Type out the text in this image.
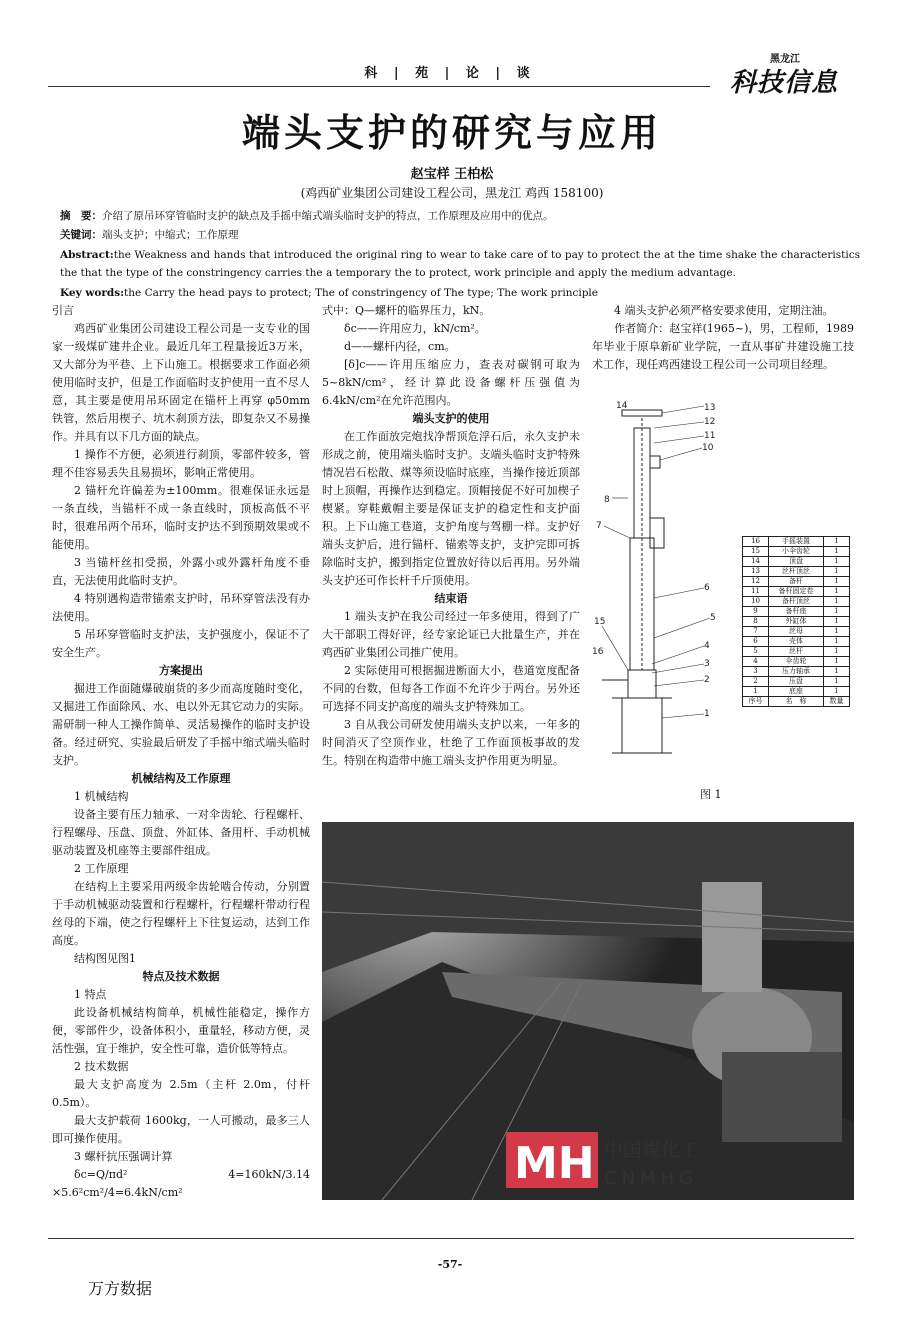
科 | 苑 | 论 | 谈
黑龙江
科技信息
端头支护的研究与应用
赵宝样 王柏松
(鸡西矿业集团公司建设工程公司，黑龙江 鸡西 158100)
摘　要：介绍了原吊环穿管临时支护的缺点及手摇中缩式端头临时支护的特点，工作原理及应用中的优点。
关键词：端头支护；中缩式；工作原理
Abstract:the Weakness and hands that introduced the original ring to wear to take care of to pay to protect the at the time shake the characteristics the that the type of the constringency carries the a temporary the to protect, work principle and apply the medium advantage.
Key words:the Carry the head pays to protect; The of constringency of The type; The work principle

引言

鸡西矿业集团公司建设工程公司是一支专业的国家一级煤矿建井企业。最近几年工程量接近3万米，又大部分为平巷、上下山施工。根据要求工作面必须使用临时支护，但是工作面临时支护使用一直不尽人意，其主要是使用吊环固定在锚杆上再穿 φ50mm 铁管，然后用楔子、坑木刹顶方法，即复杂又不易操作。并具有以下几方面的缺点。

1 操作不方便，必须进行刹顶，零部件较多，管理不佳容易丢失且易损坏，影响正常使用。

2 锚杆允许偏差为±100mm。很难保证永远是一条直线，当锚杆不成一条直线时，顶板高低不平时，很难吊两个吊环，临时支护达不到预期效果或不能使用。

3 当锚杆丝扣受损，外露小或外露杆角度不垂直，无法使用此临时支护。

4 特别遇构造带锚索支护时，吊环穿管法没有办法使用。

5 吊环穿管临时支护法，支护强度小，保证不了安全生产。

方案提出

掘进工作面随爆破崩货的多少而高度随时变化，又掘进工作面除风、水、电以外无其它动力的实际。需研制一种人工操作简单、灵活易操作的临时支护设备。经过研究、实验最后研发了手摇中缩式端头临时支护。

机械结构及工作原理

1 机械结构

设备主要有压力轴承、一对伞齿轮、行程螺杆、行程螺母、压盘、顶盘、外缸体、备用杆、手动机械驱动装置及机座等主要部件组成。

2 工作原理

在结构上主要采用两级伞齿轮啮合传动，分别置于手动机械驱动装置和行程螺杆，行程螺杆带动行程丝母的下端，使之行程螺杆上下往复运动，达到工作高度。

结构图见图1

特点及技术数据

1 特点

此设备机械结构简单，机械性能稳定，操作方便，零部件少，设备体积小，重量轻，移动方便，灵活性强，宜于维护，安全性可靠，造价低等特点。

2 技术数据

最大支护高度为 2.5m（主杆 2.0m，付杆 0.5m）。

最大支护载荷 1600kg，一人可搬动，最多三人即可操作使用。

3 螺杆抗压强调计算

δc=Q/πd² 4=160kN/3.14 ×5.6²cm²/4=6.4kN/cm²

式中：Q—螺杆的临界压力，kN。

δc——许用应力，kN/cm²。

d——螺杆内径，cm。

[δ]c——许用压缩应力，查表对碳钢可取为5~8kN/cm²，经计算此设备螺杆压强值为6.4kN/cm²在允许范围内。

端头支护的使用

在工作面放完炮找净帮顶危浮石后，永久支护未形成之前，使用端头临时支护。支端头临时支护特殊情况岩石松散、煤等须设临时底座，当操作接近顶部时上顶帽，再操作达到稳定。顶帽接促不好可加楔子楔紧。穿鞋戴帽主要是保证支护的稳定性和支护面积。上下山施工巷道，支护角度与驾棚一样。支护好端头支护后，进行锚杆、锚索等支护，支护完即可拆除临时支护，搬到指定位置放好待以后再用。另外端头支护还可作长杆千斤顶使用。

结束语

1 端头支护在我公司经过一年多使用，得到了广大干部职工得好评，经专家论证已大批量生产，并在鸡西矿业集团公司推广使用。

2 实际使用可根据掘进断面大小，巷道宽度配备不同的台数，但每各工作面不允许少于两台。另外还可选择不同支护高度的端头支护特殊加工。

3 自从我公司研发使用端头支护以来，一年多的时间消灭了空顶作业，杜绝了工作面顶板事故的发生。特别在构造带中施工端头支护作用更为明显。

4 端头支护必须严格安要求使用，定期注油。

作者简介：赵宝祥(1965~)，男，工程师，1989年毕业于原阜新矿业学院，一直从事矿井建设施工技术工作，现任鸡西建设工程公司一公司项目经理。

14	13
12
11
10
8
7
6
5
15
16
4
3
2
1
16	手摇装置	1
15	小伞齿轮	1
14	顶盘	1
13	丝杆顶丝	1
12	备杆	1
11	备杆固定卷	1
10	备杆顶丝	1
9	备杆座	1
8	外缸体	1
7	丝母	1
6	壳体	1
5	丝杆	1
4	伞齿轮	1
3	压力轴承	1
2	压盘	1
1	底座	1
序号	名　称	数量
图 1
MH 中国煤化工
CNMHG
-57-
万方数据
